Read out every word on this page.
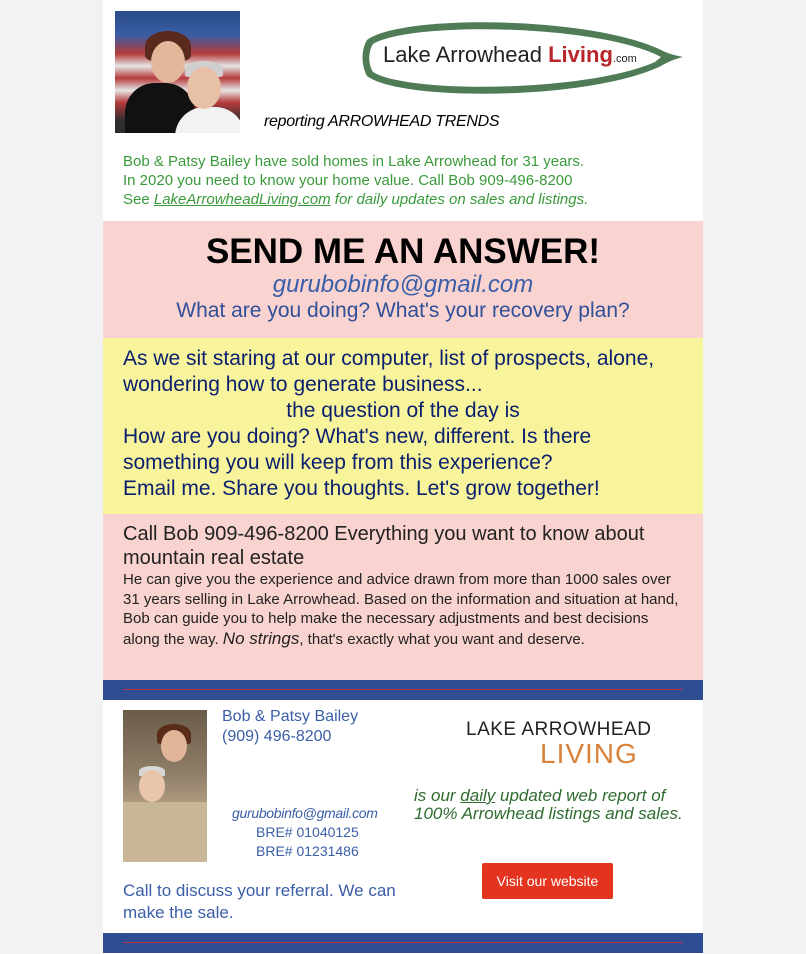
Lake Arrowhead Living.com
reporting ARROWHEAD TRENDS
Bob & Patsy Bailey have sold homes in Lake Arrowhead for 31 years.
In 2020 you need to know your home value. Call Bob 909-496-8200
See LakeArrowheadLiving.com for daily updates on sales and listings.
SEND ME AN ANSWER!
gurubobinfo@gmail.com
What are you doing? What's your recovery plan?

As we sit staring at our computer, list of prospects, alone,

wondering how to generate business...

the question of the day is

How are you doing? What's new, different. Is there

something you will keep from this experience?

Email me. Share you thoughts. Let's grow together!

Call Bob 909-496-8200 Everything you want to know about mountain real estate
He can give you the experience and advice drawn from more than 1000 sales over 31 years selling in Lake Arrowhead. Based on the information and situation at hand, Bob can guide you to help make the necessary adjustments and best decisions along the way. No strings, that's exactly what you want and deserve.
Bob & Patsy Bailey
(909) 496-8200
gurubobinfo@gmail.com
BRE# 01040125
BRE# 01231486
Call to discuss your referral. We can make the sale.
LAKE ARROWHEAD
LIVING
is our daily updated web report of 100% Arrowhead listings and sales.
Visit our website
